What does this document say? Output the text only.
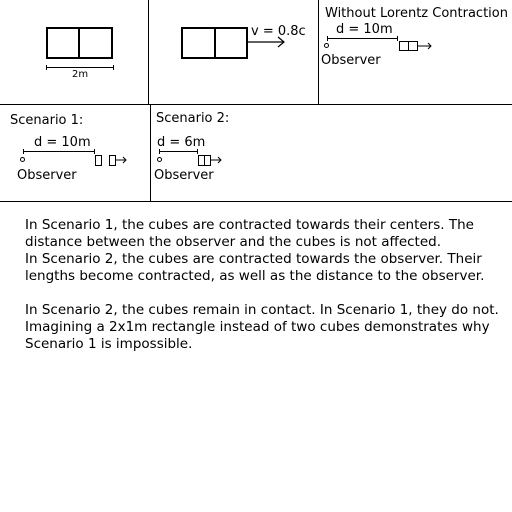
2m
v = 0.8c
Without Lorentz Contraction
d = 10m
Observer
Scenario 1:
d = 10m
Observer
Scenario 2:
d = 6m
Observer

In Scenario 1, the cubes are contracted towards their centers. The distance between the observer and the cubes is not affected.

In Scenario 2, the cubes are contracted towards the observer. Their lengths become contracted, as well as the distance to the observer.

In Scenario 2, the cubes remain in contact. In Scenario 1, they do not. Imagining a 2x1m rectangle instead of two cubes demonstrates why Scenario 1 is impossible.
